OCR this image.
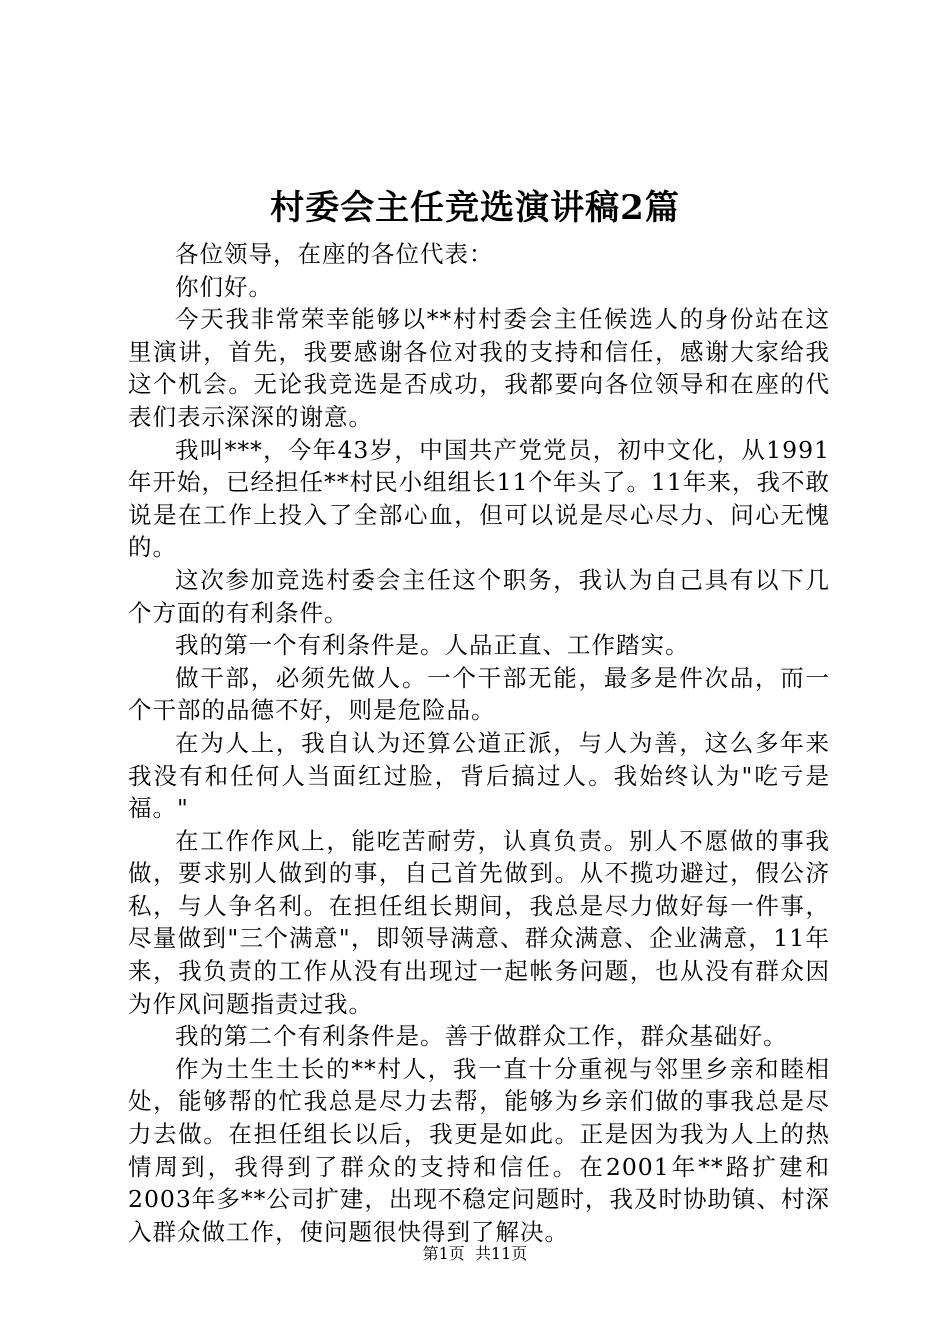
村委会主任竞选演讲稿2篇

各位领导，在座的各位代表：

你们好。

今天我非常荣幸能够以**村村委会主任候选人的身份站在这里演讲，首先，我要感谢各位对我的支持和信任，感谢大家给我这个机会。无论我竞选是否成功，我都要向各位领导和在座的代表们表示深深的谢意。

我叫***，今年43岁，中国共产党党员，初中文化，从1991年开始，已经担任**村民小组组长11个年头了。11年来，我不敢说是在工作上投入了全部心血，但可以说是尽心尽力、问心无愧的。

这次参加竞选村委会主任这个职务，我认为自己具有以下几个方面的有利条件。

我的第一个有利条件是。人品正直、工作踏实。

做干部，必须先做人。一个干部无能，最多是件次品，而一个干部的品德不好，则是危险品。

在为人上，我自认为还算公道正派，与人为善，这么多年来我没有和任何人当面红过脸，背后搞过人。我始终认为"吃亏是福。"

在工作作风上，能吃苦耐劳，认真负责。别人不愿做的事我做，要求别人做到的事，自己首先做到。从不揽功避过，假公济私，与人争名利。在担任组长期间，我总是尽力做好每一件事，尽量做到"三个满意"，即领导满意、群众满意、企业满意，11年来，我负责的工作从没有出现过一起帐务问题，也从没有群众因为作风问题指责过我。

我的第二个有利条件是。善于做群众工作，群众基础好。

作为土生土长的**村人，我一直十分重视与邻里乡亲和睦相处，能够帮的忙我总是尽力去帮，能够为乡亲们做的事我总是尽力去做。在担任组长以后，我更是如此。正是因为我为人上的热情周到，我得到了群众的支持和信任。在2001年**路扩建和2003年多**公司扩建，出现不稳定问题时，我及时协助镇、村深入群众做工作，使问题很快得到了解决。

第1页 共11页
